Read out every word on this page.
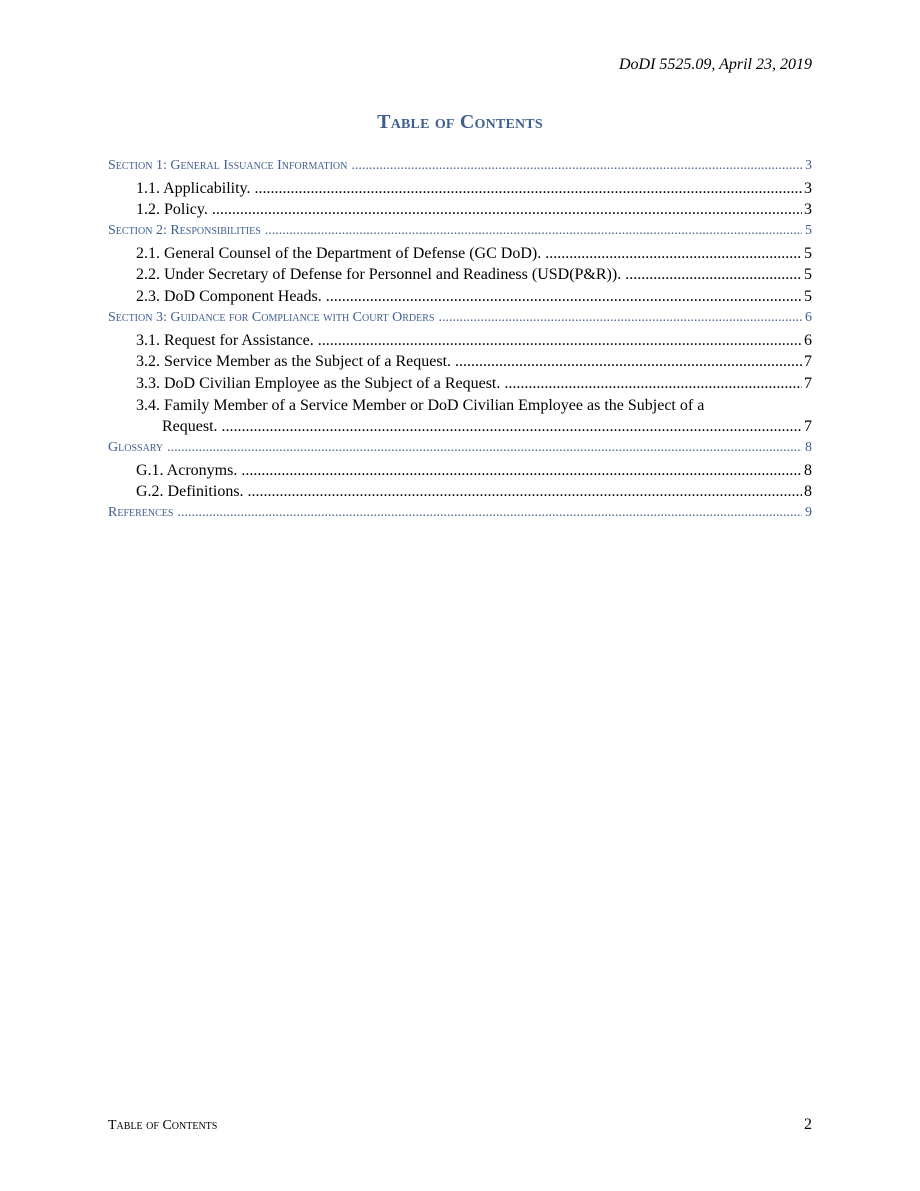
DoDI 5525.09, April 23, 2019
Table of Contents
Section 1: General Issuance Information .....	3
1.1. Applicability. .....	3
1.2. Policy. .....	3
Section 2: Responsibilities .....	5
2.1. General Counsel of the Department of Defense (GC DoD). .....	5
2.2. Under Secretary of Defense for Personnel and Readiness (USD(P&R)). .....	5
2.3. DoD Component Heads. .....	5
Section 3: Guidance for Compliance with Court Orders .....	6
3.1. Request for Assistance. .....	6
3.2. Service Member as the Subject of a Request. .....	7
3.3. DoD Civilian Employee as the Subject of a Request. .....	7
3.4. Family Member of a Service Member or DoD Civilian Employee as the Subject of a
Request. .....	7
Glossary .....	8
G.1. Acronyms. .....	8
G.2. Definitions. .....	8
References .....	9
Table of Contents	2
